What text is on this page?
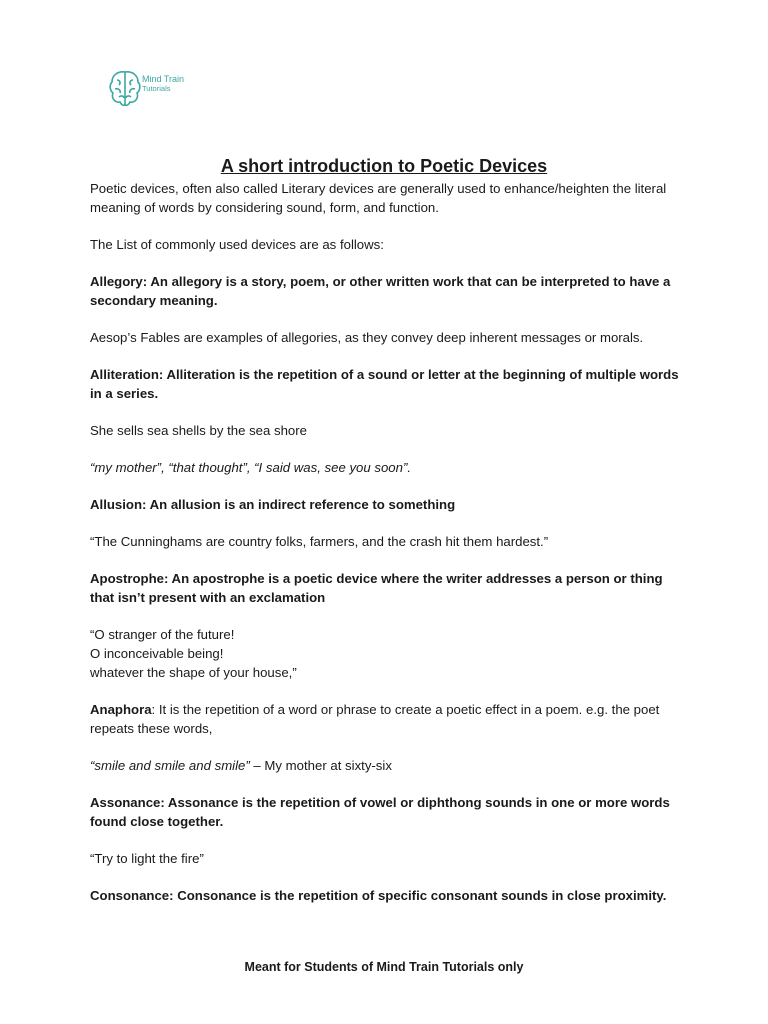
Mind Train
Tutorials
A short introduction to Poetic Devices

Poetic devices, often also called Literary devices are generally used to enhance/heighten the literal meaning of words by considering sound, form, and function.

The List of commonly used devices are as follows:

Allegory: An allegory is a story, poem, or other written work that can be interpreted to have a secondary meaning.

Aesop’s Fables are examples of allegories, as they convey deep inherent messages or morals.

Alliteration: Alliteration is the repetition of a sound or letter at the beginning of multiple words in a series.

She sells sea shells by the sea shore

“my mother”, “that thought”, “I said was, see you soon”.

Allusion: An allusion is an indirect reference to something

“The Cunninghams are country folks, farmers, and the crash hit them hardest.”

Apostrophe: An apostrophe is a poetic device where the writer addresses a person or thing that isn’t present with an exclamation

“O stranger of the future!
O inconceivable being!
whatever the shape of your house,”

Anaphora: It is the repetition of a word or phrase to create a poetic effect in a poem. e.g. the poet repeats these words,

“smile and smile and smile” – My mother at sixty-six

Assonance: Assonance is the repetition of vowel or diphthong sounds in one or more words found close together.

“Try to light the fire”

Consonance: Consonance is the repetition of specific consonant sounds in close proximity.

Meant for Students of Mind Train Tutorials only
